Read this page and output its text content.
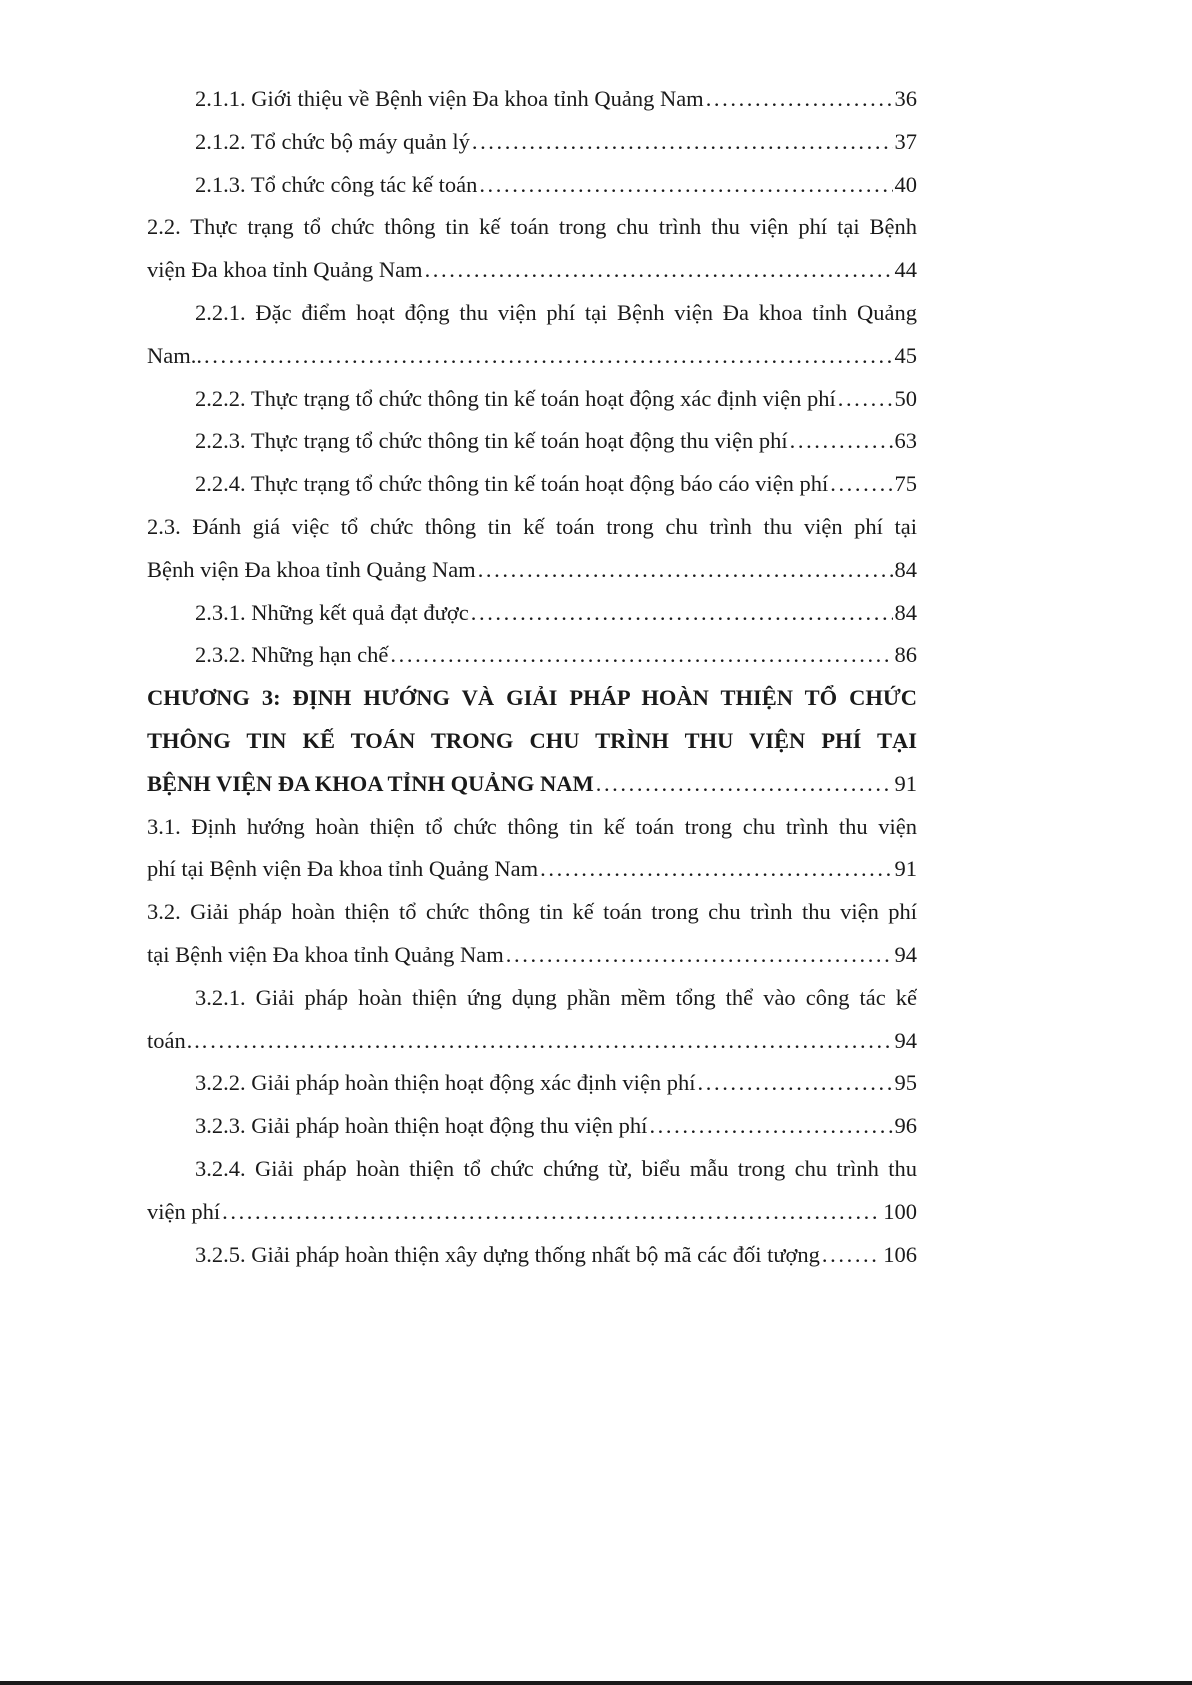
2.1.1. Giới thiệu về Bệnh viện Đa khoa tỉnh Quảng Nam .....	36
2.1.2. Tổ chức bộ máy quản lý .....	37
2.1.3. Tổ chức công tác kế toán .....	40
2.2. Thực trạng tổ chức thông tin kế toán trong chu trình thu viện phí tại Bệnh
viện Đa khoa tỉnh Quảng Nam .....	44
2.2.1. Đặc điểm hoạt động thu viện phí tại Bệnh viện Đa khoa tỉnh Quảng
Nam.. .....	45
2.2.2. Thực trạng tổ chức thông tin kế toán hoạt động xác định viện phí .....	50
2.2.3. Thực trạng tổ chức thông tin kế toán hoạt động thu viện phí .....	63
2.2.4. Thực trạng tổ chức thông tin kế toán hoạt động báo cáo viện phí .....	75
2.3. Đánh giá việc tổ chức thông tin kế toán trong chu trình thu viện phí tại
Bệnh viện Đa khoa tỉnh Quảng Nam .....	84
2.3.1. Những kết quả đạt được .....	84
2.3.2. Những hạn chế .....	86
CHƯƠNG 3: ĐỊNH HƯỚNG VÀ GIẢI PHÁP HOÀN THIỆN TỔ CHỨC
THÔNG TIN KẾ TOÁN TRONG CHU TRÌNH THU VIỆN PHÍ TẠI
BỆNH VIỆN ĐA KHOA TỈNH QUẢNG NAM .....	91
3.1. Định hướng hoàn thiện tổ chức thông tin kế toán trong chu trình thu viện
phí tại Bệnh viện Đa khoa tỉnh Quảng Nam .....	91
3.2. Giải pháp hoàn thiện tổ chức thông tin kế toán trong chu trình thu viện phí
tại Bệnh viện Đa khoa tỉnh Quảng Nam .....	94
3.2.1. Giải pháp hoàn thiện ứng dụng phần mềm tổng thể vào công tác kế
toán… .....	94
3.2.2. Giải pháp hoàn thiện hoạt động xác định viện phí .....	95
3.2.3. Giải pháp hoàn thiện hoạt động thu viện phí .....	96
3.2.4. Giải pháp hoàn thiện tổ chức chứng từ, biểu mẫu trong chu trình thu
viện phí .....	100
3.2.5. Giải pháp hoàn thiện xây dựng thống nhất bộ mã các đối tượng .....	106
